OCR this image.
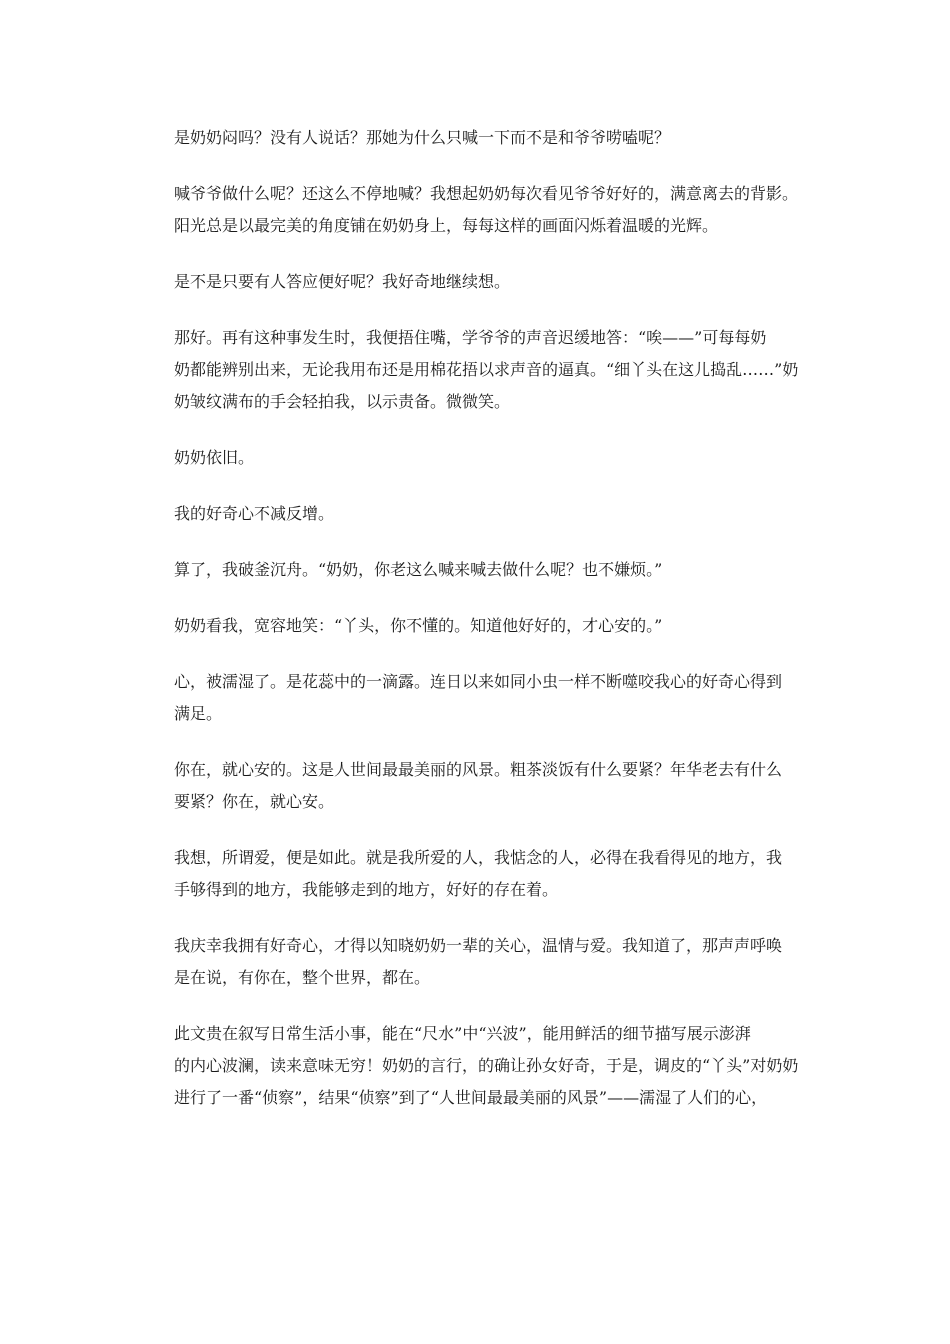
是奶奶闷吗？没有人说话？那她为什么只喊一下而不是和爷爷唠嗑呢？

喊爷爷做什么呢？还这么不停地喊？我想起奶奶每次看见爷爷好好的，满意离去的背影。
阳光总是以最完美的角度铺在奶奶身上，每每这样的画面闪烁着温暖的光辉。

是不是只要有人答应便好呢？我好奇地继续想。

那好。再有这种事发生时，我便捂住嘴，学爷爷的声音迟缓地答：“唉——”可每每奶
奶都能辨别出来，无论我用布还是用棉花捂以求声音的逼真。“细丫头在这儿捣乱……”奶
奶皱纹满布的手会轻拍我，以示责备。微微笑。

奶奶依旧。

我的好奇心不减反增。

算了，我破釜沉舟。“奶奶，你老这么喊来喊去做什么呢？也不嫌烦。”

奶奶看我，宽容地笑：“丫头，你不懂的。知道他好好的，才心安的。”

心，被濡湿了。是花蕊中的一滴露。连日以来如同小虫一样不断噬咬我心的好奇心得到
满足。

你在，就心安的。这是人世间最最美丽的风景。粗茶淡饭有什么要紧？年华老去有什么
要紧？你在，就心安。

我想，所谓爱，便是如此。就是我所爱的人，我惦念的人，必得在我看得见的地方，我
手够得到的地方，我能够走到的地方，好好的存在着。

我庆幸我拥有好奇心，才得以知晓奶奶一辈的关心，温情与爱。我知道了，那声声呼唤
是在说，有你在，整个世界，都在。

此文贵在叙写日常生活小事，能在“尺水”中“兴波”，能用鲜活的细节描写展示澎湃
的内心波澜，读来意味无穷！奶奶的言行，的确让孙女好奇，于是，调皮的“丫头”对奶奶
进行了一番“侦察”，结果“侦察”到了“人世间最最美丽的风景”——濡湿了人们的心，
